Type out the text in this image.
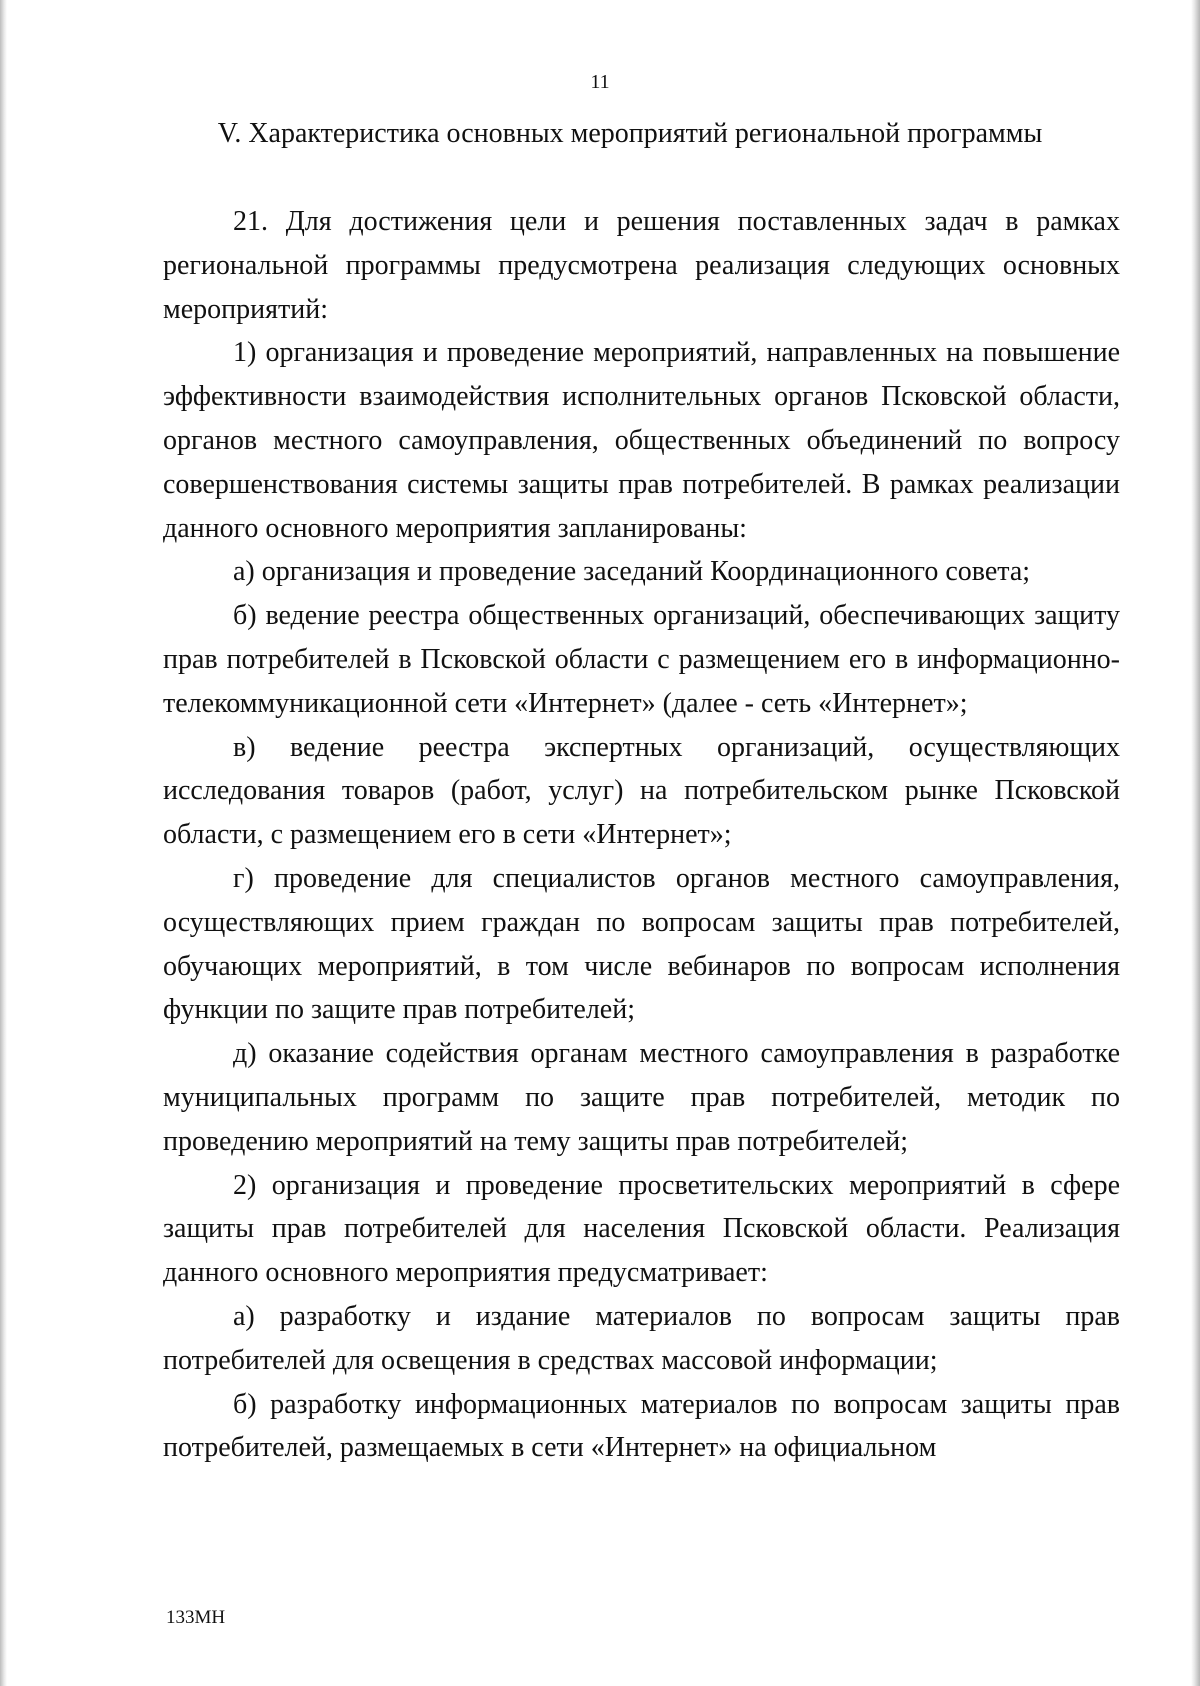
11
V. Характеристика основных мероприятий региональной программы

21. Для достижения цели и решения поставленных задач в рамках региональной программы предусмотрена реализация следующих основных мероприятий:

1) организация и проведение мероприятий, направленных на повышение эффективности взаимодействия исполнительных органов Псковской области, органов местного самоуправления, общественных объединений по вопросу совершенствования системы защиты прав потребителей. В рамках реализации данного основного мероприятия запланированы:

а) организация и проведение заседаний Координационного совета;

б) ведение реестра общественных организаций, обеспечивающих защиту прав потребителей в Псковской области с размещением его в информационно-телекоммуникационной сети «Интернет» (далее - сеть «Интернет»;

в) ведение реестра экспертных организаций, осуществляющих исследования товаров (работ, услуг) на потребительском рынке Псковской области, с размещением его в сети «Интернет»;

г) проведение для специалистов органов местного самоуправления, осуществляющих прием граждан по вопросам защиты прав потребителей, обучающих мероприятий, в том числе вебинаров по вопросам исполнения функции по защите прав потребителей;

д) оказание содействия органам местного самоуправления в разработке муниципальных программ по защите прав потребителей, методик по проведению мероприятий на тему защиты прав потребителей;

2) организация и проведение просветительских мероприятий в сфере защиты прав потребителей для населения Псковской области. Реализация данного основного мероприятия предусматривает:

а) разработку и издание материалов по вопросам защиты прав потребителей для освещения в средствах массовой информации;

б) разработку информационных материалов по вопросам защиты прав потребителей, размещаемых в сети «Интернет» на официальном

133МН
